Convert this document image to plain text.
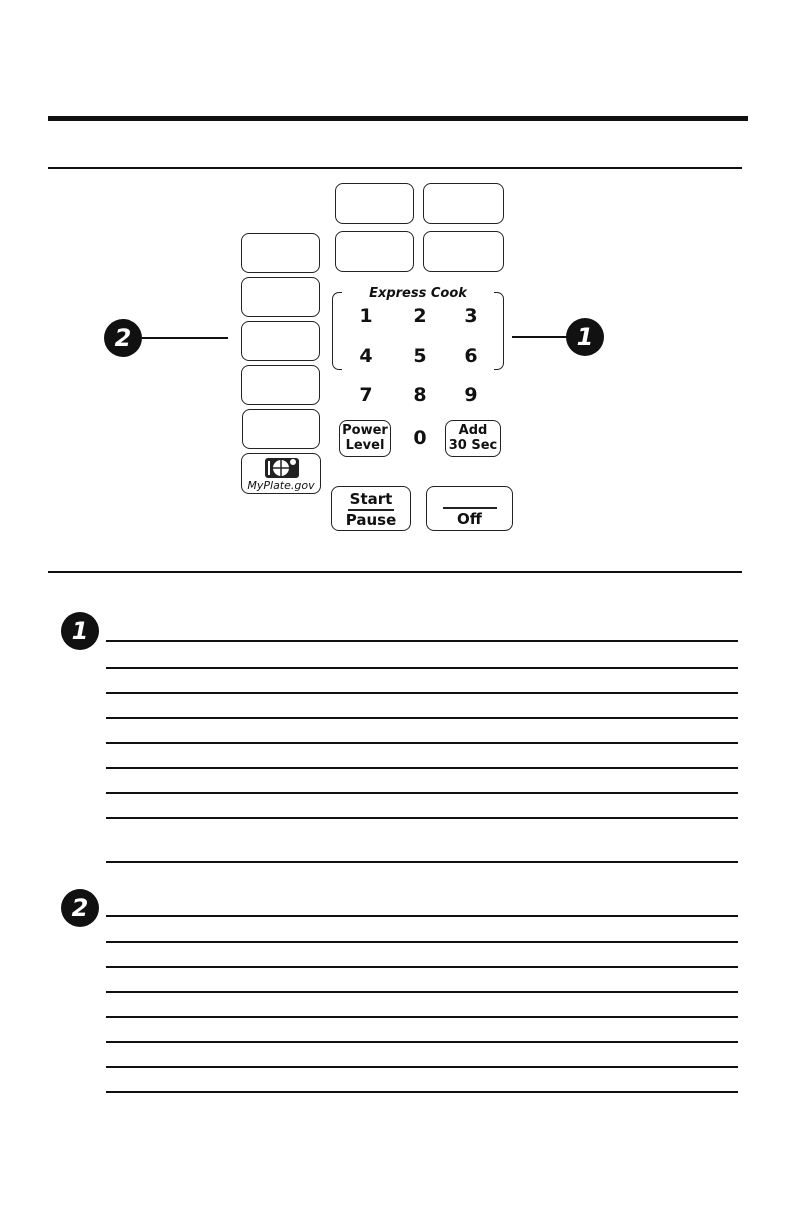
MyPlate.gov
Express Cook
1	2	3
4	5	6
7	8	9
0
Power
Level
Add
30 Sec
Start
Pause	Off
1
2
1
2
